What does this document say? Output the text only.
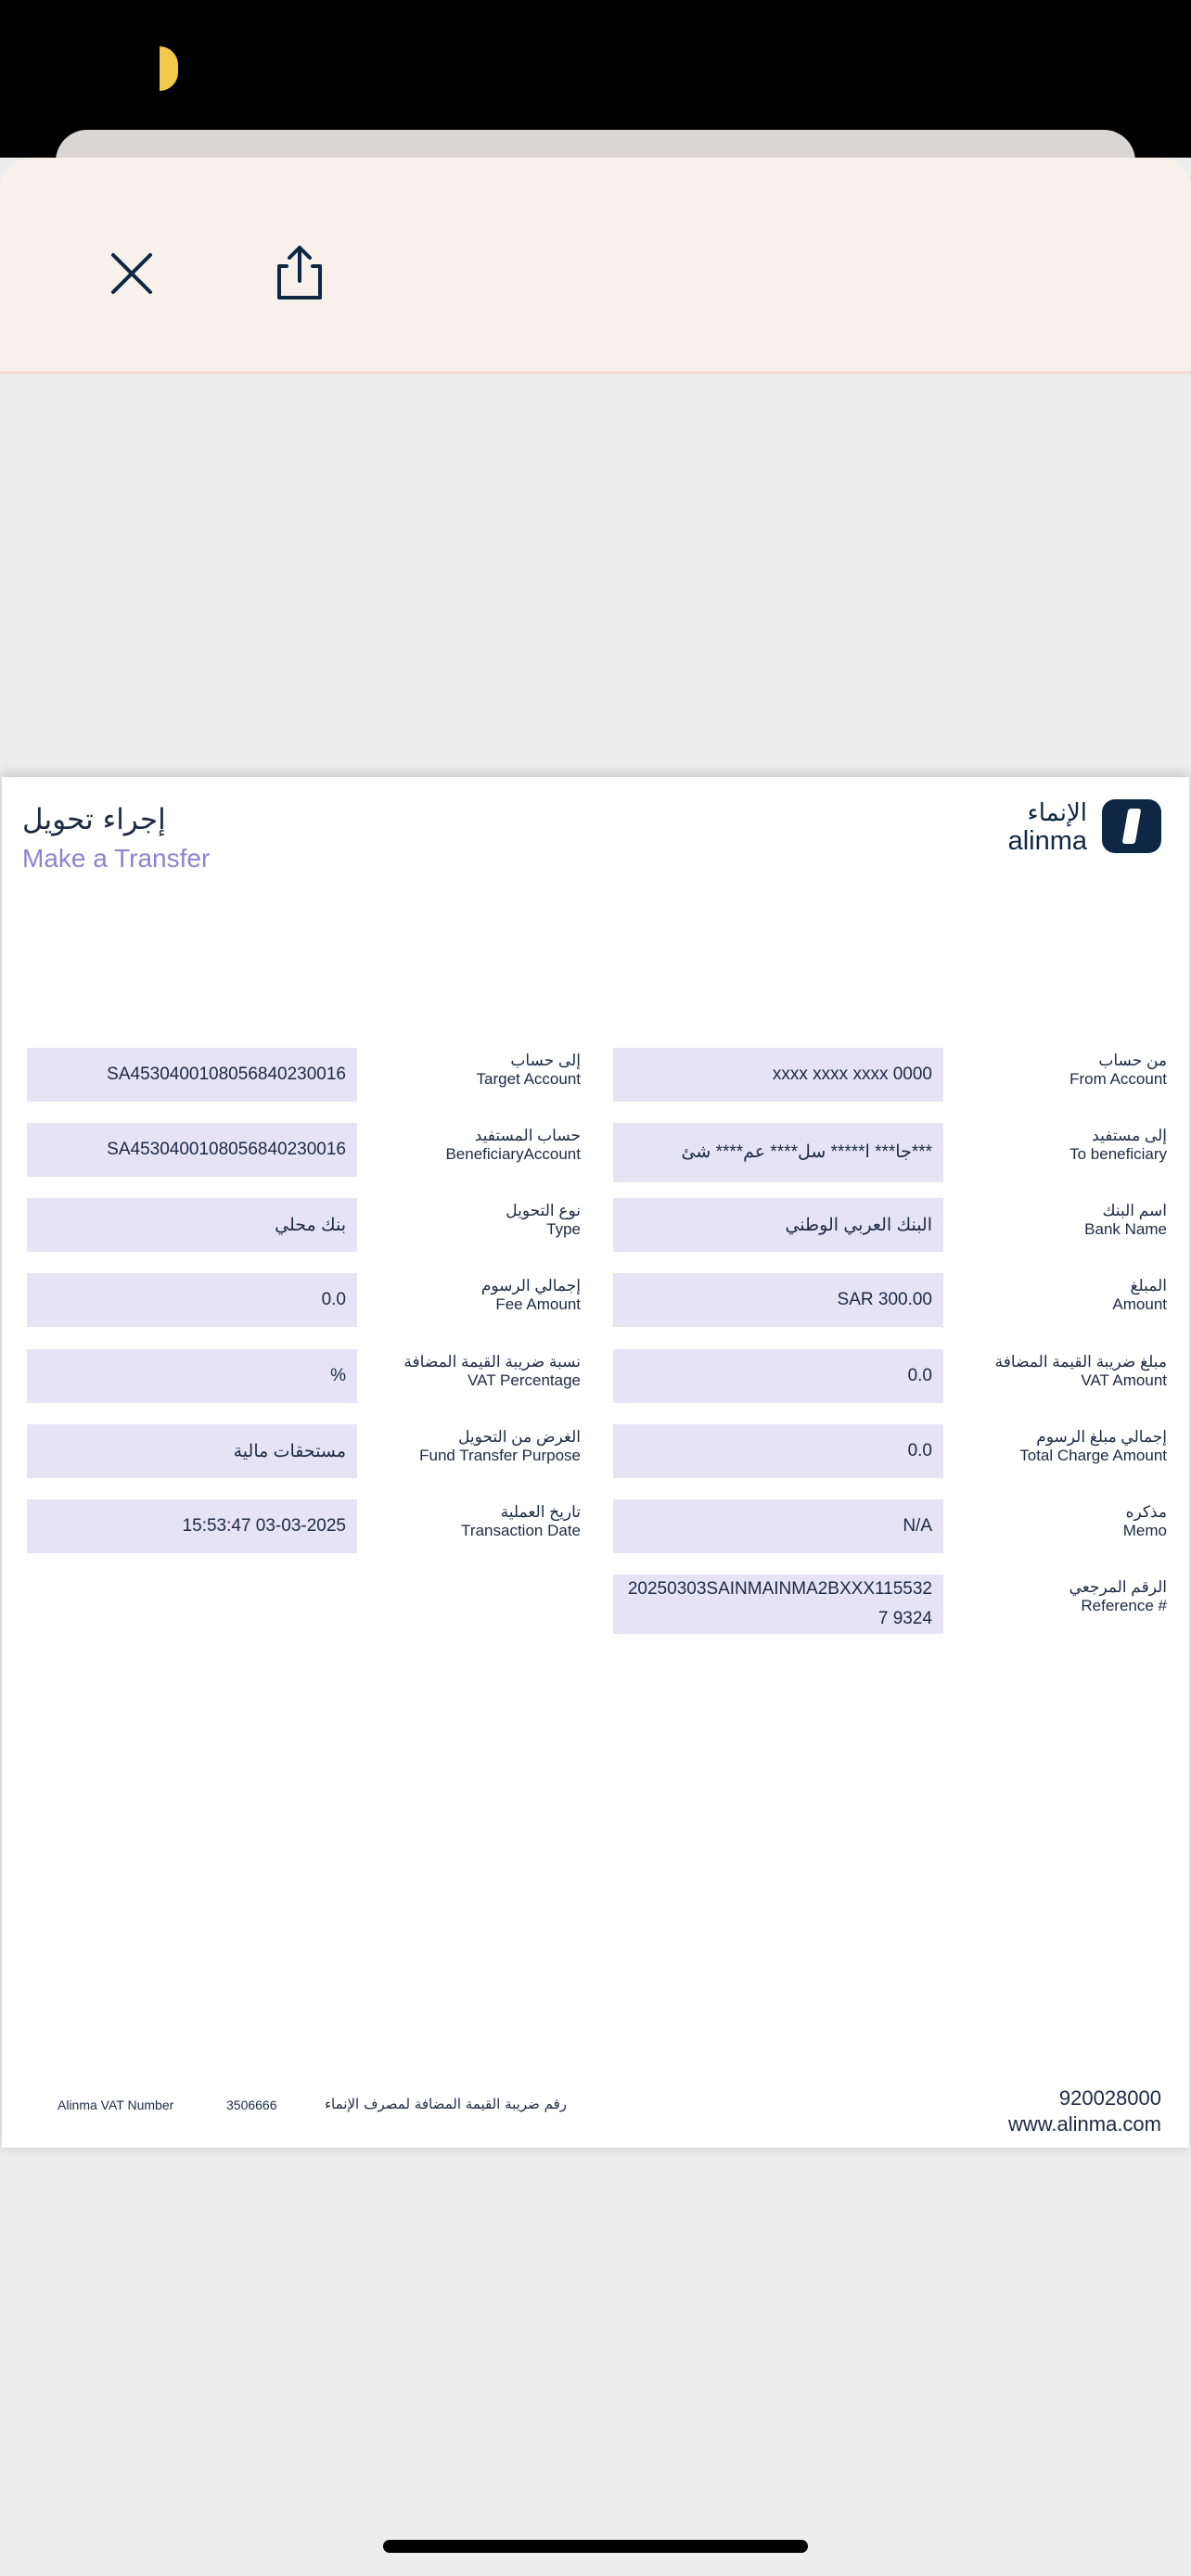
إجراء تحويل
Make a Transfer
الإنماء
alinma
من حساب
From Account
xxxx xxxx xxxx 0000
إلى مستفيد
To beneficiary
جا*** ا***** سل**** عم**** شئ***
اسم البنك
Bank Name
البنك العربي الوطني
المبلغ
Amount
SAR 300.00
مبلغ ضريبة القيمة المضافة
VAT Amount
0.0
إجمالي مبلغ الرسوم
Total Charge Amount
0.0
مذكره
Memo
N/A
الرقم المرجعي
Reference #
20250303SAINMAINMA2BXXX1155327 9324
إلى حساب
Target Account
SA4530400108056840230016
حساب المستفيد
BeneficiaryAccount
SA4530400108056840230016
نوع التحويل
Type
بنك محلي
إجمالي الرسوم
Fee Amount
0.0
نسبة ضريبة القيمة المضافة
VAT Percentage
%
الغرض من التحويل
Fund Transfer Purpose
مستحقات مالية
تاريخ العملية
Transaction Date
15:53:47 03-03-2025
920028000
www.alinma.com
Alinma VAT Number	3506666	رقم ضريبة القيمة المضافة لمصرف الإنماء
